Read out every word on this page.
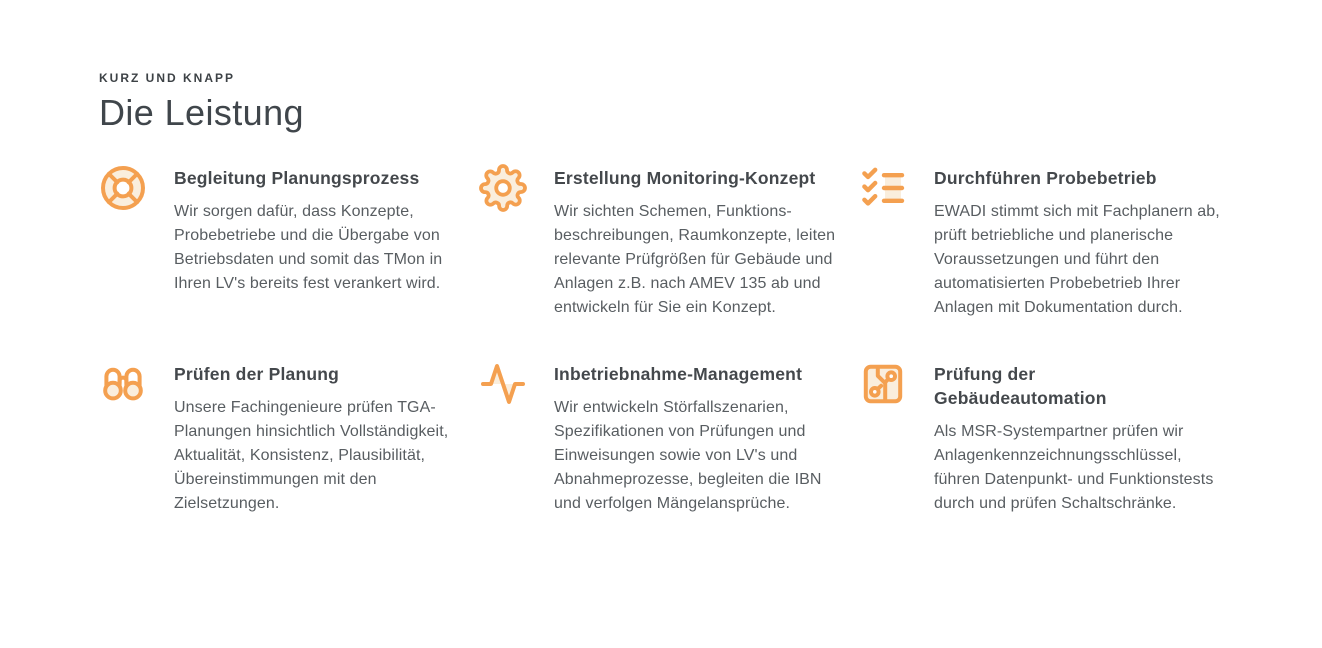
KURZ UND KNAPP
Die Leistung
Begleitung Planungsprozess
Wir sorgen dafür, dass Konzepte, Probebetriebe und die Übergabe von Betriebsdaten und somit das TMon in Ihren LV's bereits fest verankert wird.
Erstellung Monitoring-Konzept
Wir sichten Schemen, Funktions-beschreibungen, Raumkonzepte, leiten relevante Prüfgrößen für Gebäude und Anlagen z.B. nach AMEV 135 ab und entwickeln für Sie ein Konzept.
Durchführen Probebetrieb
EWADI stimmt sich mit Fachplanern ab, prüft betriebliche und planerische Voraussetzungen und führt den automatisierten Probebetrieb Ihrer Anlagen mit Dokumentation durch.
Prüfen der Planung
Unsere Fachingenieure prüfen TGA-Planungen hinsichtlich Vollständigkeit, Aktualität, Konsistenz, Plausibilität, Übereinstimmungen mit den Zielsetzungen.
Inbetriebnahme-Management
Wir entwickeln Störfallszenarien, Spezifikationen von Prüfungen und Einweisungen sowie von LV's und Abnahmeprozesse, begleiten die IBN und verfolgen Mängelansprüche.
Prüfung der Gebäudeautomation
Als MSR-Systempartner prüfen wir Anlagenkennzeichnungsschlüssel, führen Datenpunkt- und Funktionstests durch und prüfen Schaltschränke.
